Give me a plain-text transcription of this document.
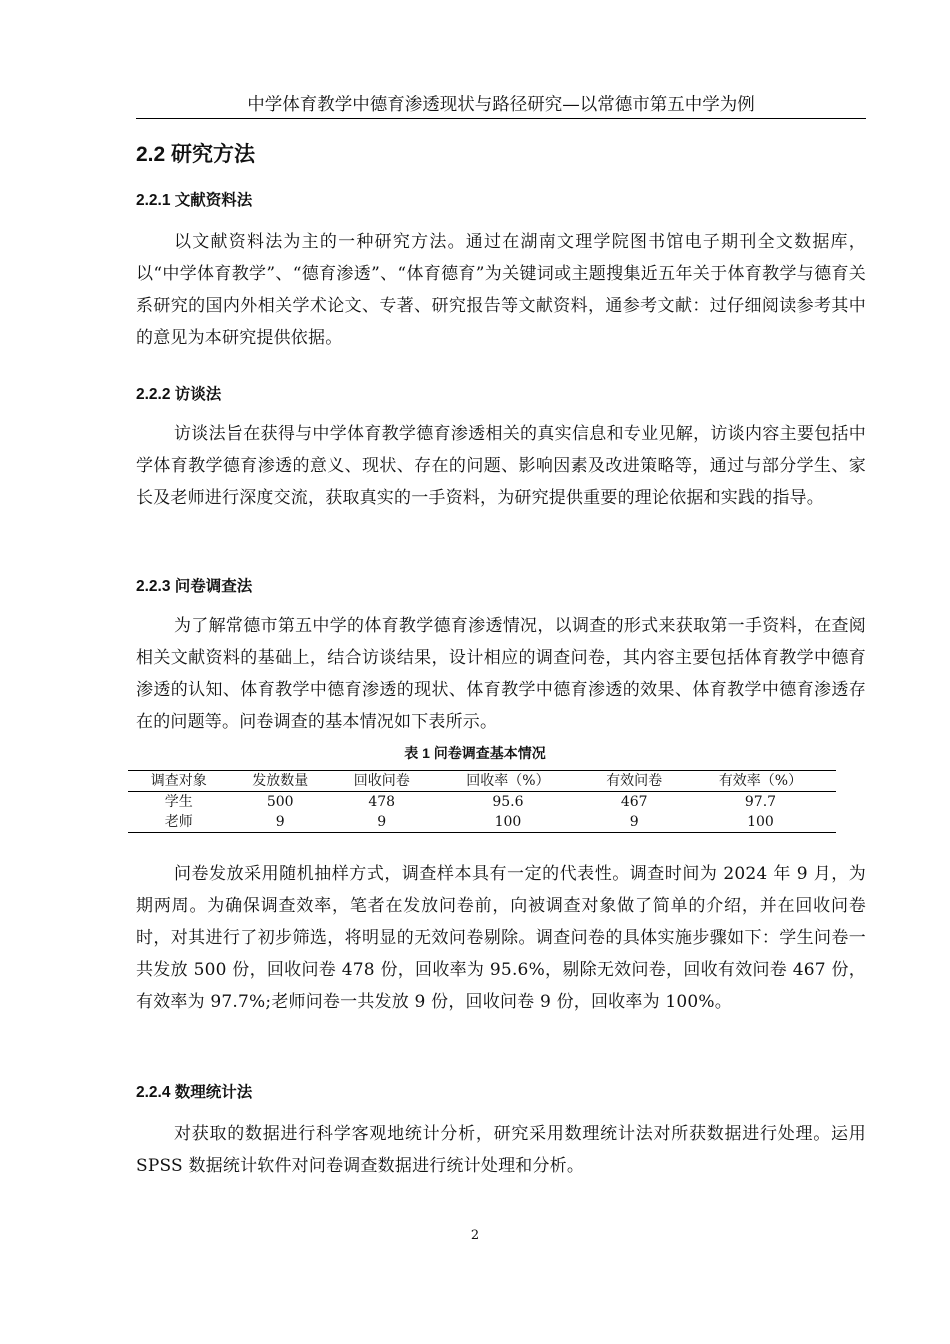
中学体育教学中德育渗透现状与路径研究—以常德市第五中学为例
2.2 研究方法
2.2.1 文献资料法

以文献资料法为主的一种研究方法。通过在湖南文理学院图书馆电子期刊全文数据库，以“中学体育教学”、“德育渗透”、“体育德育”为关键词或主题搜集近五年关于体育教学与德育关系研究的国内外相关学术论文、专著、研究报告等文献资料，通参考文献：过仔细阅读参考其中的意见为本研究提供依据。

2.2.2 访谈法

访谈法旨在获得与中学体育教学德育渗透相关的真实信息和专业见解，访谈内容主要包括中学体育教学德育渗透的意义、现状、存在的问题、影响因素及改进策略等，通过与部分学生、家长及老师进行深度交流，获取真实的一手资料，为研究提供重要的理论依据和实践的指导。

2.2.3 问卷调查法

为了解常德市第五中学的体育教学德育渗透情况，以调查的形式来获取第一手资料，在查阅相关文献资料的基础上，结合访谈结果，设计相应的调查问卷，其内容主要包括体育教学中德育渗透的认知、体育教学中德育渗透的现状、体育教学中德育渗透的效果、体育教学中德育渗透存在的问题等。问卷调查的基本情况如下表所示。

表 1 问卷调查基本情况
调查对象	发放数量	回收问卷	回收率（%）	有效问卷	有效率（%）
学生	500	478	95.6	467	97.7
老师	9	9	100	9	100

问卷发放采用随机抽样方式，调查样本具有一定的代表性。调查时间为 2024 年 9 月，为期两周。为确保调查效率，笔者在发放问卷前，向被调查对象做了简单的介绍，并在回收问卷时，对其进行了初步筛选，将明显的无效问卷剔除。调查问卷的具体实施步骤如下：学生问卷一共发放 500 份，回收问卷 478 份，回收率为 95.6%，剔除无效问卷，回收有效问卷 467 份，有效率为 97.7%;老师问卷一共发放 9 份，回收问卷 9 份，回收率为 100%。

2.2.4 数理统计法

对获取的数据进行科学客观地统计分析，研究采用数理统计法对所获数据进行处理。运用 SPSS 数据统计软件对问卷调查数据进行统计处理和分析。

2
